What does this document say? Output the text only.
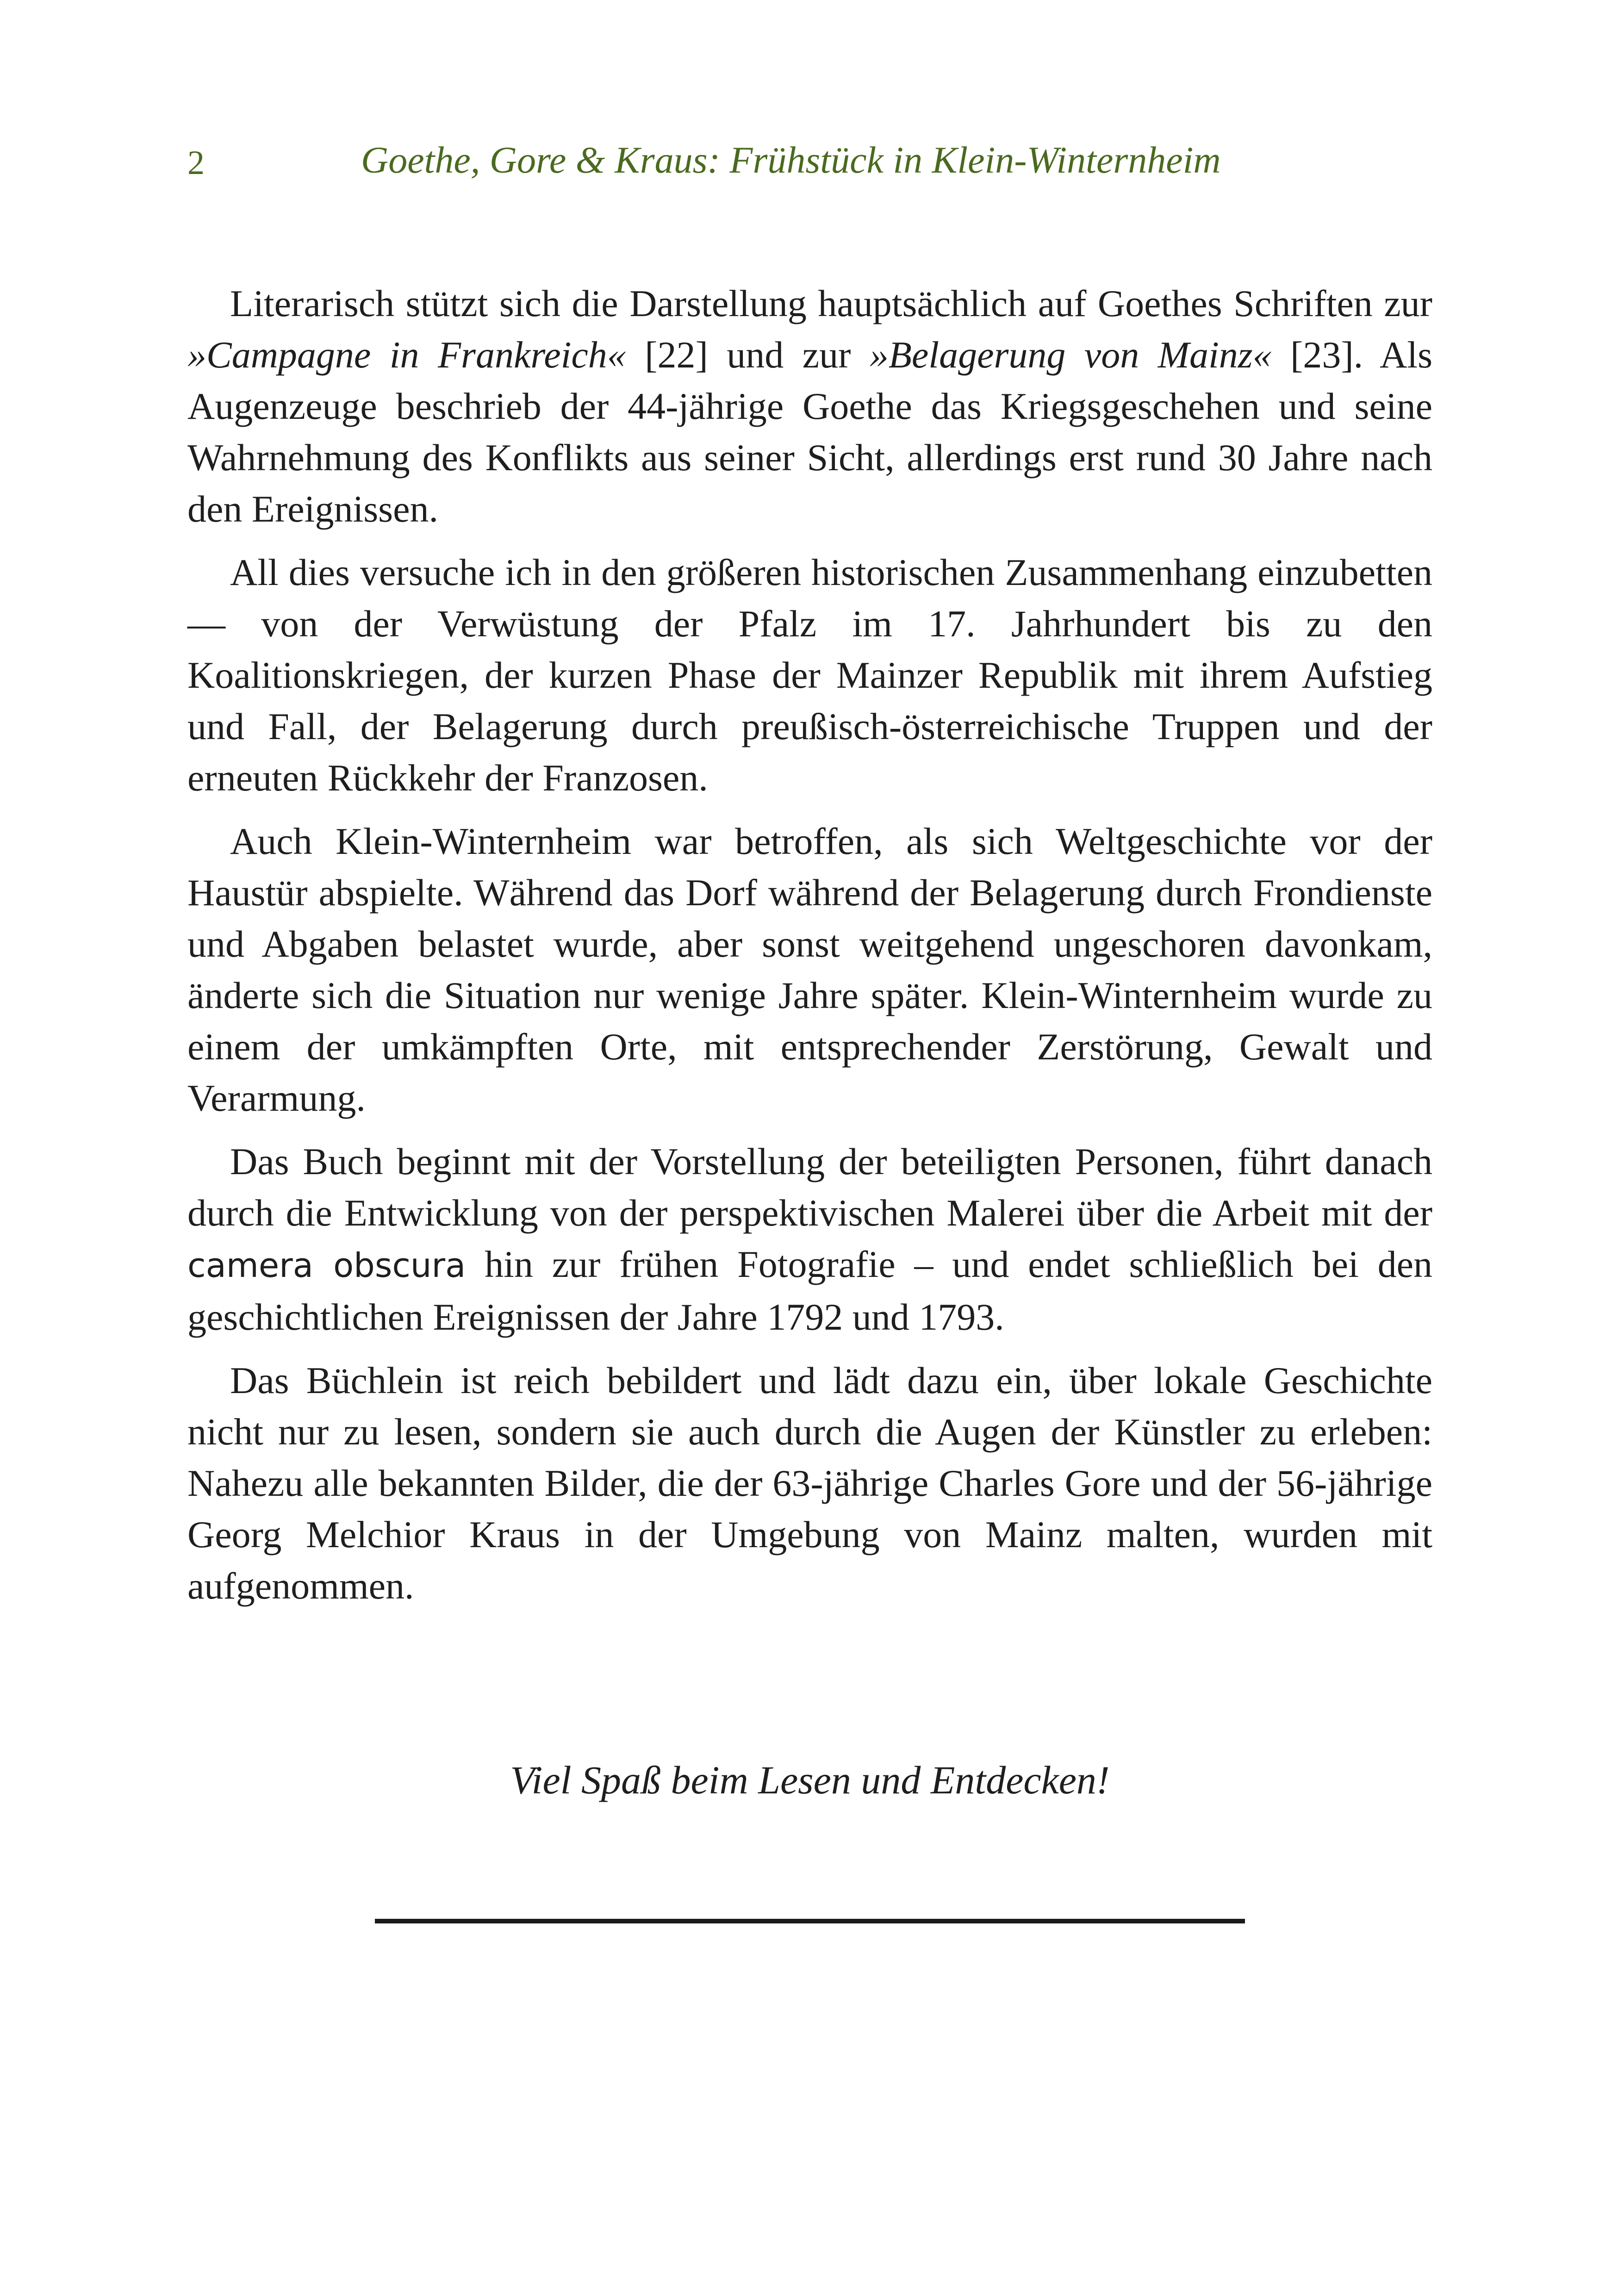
2	Goethe, Gore & Kraus: Frühstück in Klein-Winternheim

Literarisch stützt sich die Darstellung hauptsächlich auf Goethes Schriften zur »Campagne in Frankreich« [22] und zur »Belagerung von Mainz« [23]. Als Augenzeuge beschrieb der 44-jährige Goethe das Kriegsgeschehen und seine Wahrnehmung des Konflikts aus seiner Sicht, allerdings erst rund 30 Jahre nach den Ereignissen.

All dies versuche ich in den größeren historischen Zusammenhang einzubetten — von der Verwüstung der Pfalz im 17. Jahrhundert bis zu den Koalitionskriegen, der kurzen Phase der Mainzer Republik mit ihrem Aufstieg und Fall, der Belagerung durch preußisch-österreichische Truppen und der erneuten Rückkehr der Franzosen.

Auch Klein-Winternheim war betroffen, als sich Weltgeschichte vor der Haustür abspielte. Während das Dorf während der Belagerung durch Frondienste und Abgaben belastet wurde, aber sonst weitgehend ungeschoren davonkam, änderte sich die Situation nur wenige Jahre später. Klein-Winternheim wurde zu einem der umkämpften Orte, mit entsprechender Zerstörung, Gewalt und Verarmung.

Das Buch beginnt mit der Vorstellung der beteiligten Personen, führt danach durch die Entwicklung von der perspektivischen Malerei über die Arbeit mit der camera obscura hin zur frühen Fotografie – und endet schließlich bei den geschichtlichen Ereignissen der Jahre 1792 und 1793.

Das Büchlein ist reich bebildert und lädt dazu ein, über lokale Geschichte nicht nur zu lesen, sondern sie auch durch die Augen der Künstler zu erleben: Nahezu alle bekannten Bilder, die der 63-jährige Charles Gore und der 56-jährige Georg Melchior Kraus in der Umgebung von Mainz malten, wurden mit aufgenommen.

Viel Spaß beim Lesen und Entdecken!
